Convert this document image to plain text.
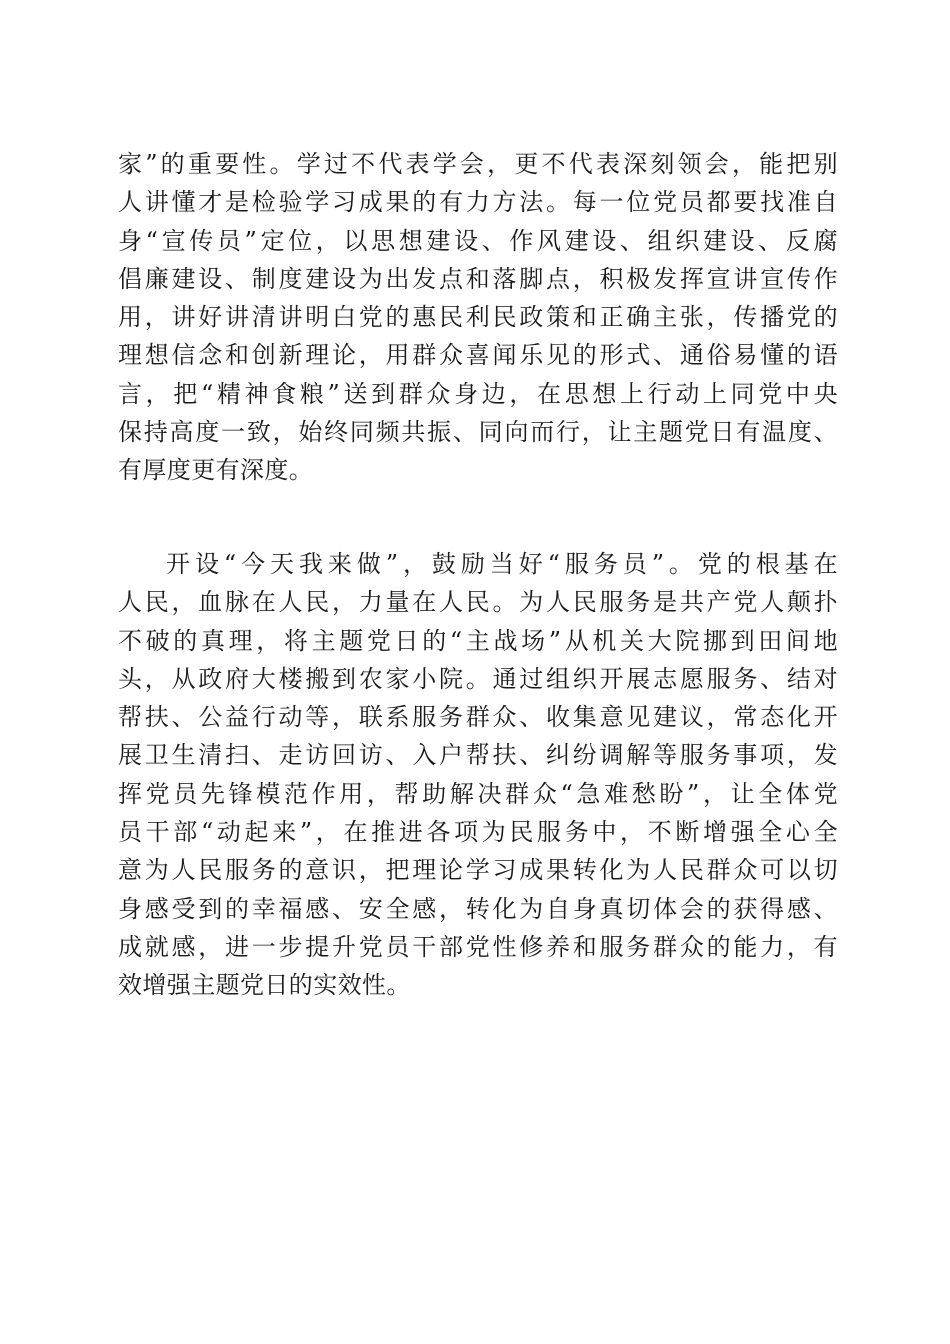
家”的重要性。学过不代表学会，更不代表深刻领会，能把别
人讲懂才是检验学习成果的有力方法。每一位党员都要找准自
身“宣传员”定位，以思想建设、作风建设、组织建设、反腐
倡廉建设、制度建设为出发点和落脚点，积极发挥宣讲宣传作
用，讲好讲清讲明白党的惠民利民政策和正确主张，传播党的
理想信念和创新理论，用群众喜闻乐见的形式、通俗易懂的语
言，把“精神食粮”送到群众身边，在思想上行动上同党中央
保持高度一致，始终同频共振、同向而行，让主题党日有温度、
有厚度更有深度。
开设“今天我来做”，鼓励当好“服务员”。党的根基在
人民，血脉在人民，力量在人民。为人民服务是共产党人颠扑
不破的真理，将主题党日的“主战场”从机关大院挪到田间地
头，从政府大楼搬到农家小院。通过组织开展志愿服务、结对
帮扶、公益行动等，联系服务群众、收集意见建议，常态化开
展卫生清扫、走访回访、入户帮扶、纠纷调解等服务事项，发
挥党员先锋模范作用，帮助解决群众“急难愁盼”，让全体党
员干部“动起来”，在推进各项为民服务中，不断增强全心全
意为人民服务的意识，把理论学习成果转化为人民群众可以切
身感受到的幸福感、安全感，转化为自身真切体会的获得感、
成就感，进一步提升党员干部党性修养和服务群众的能力，有
效增强主题党日的实效性。
